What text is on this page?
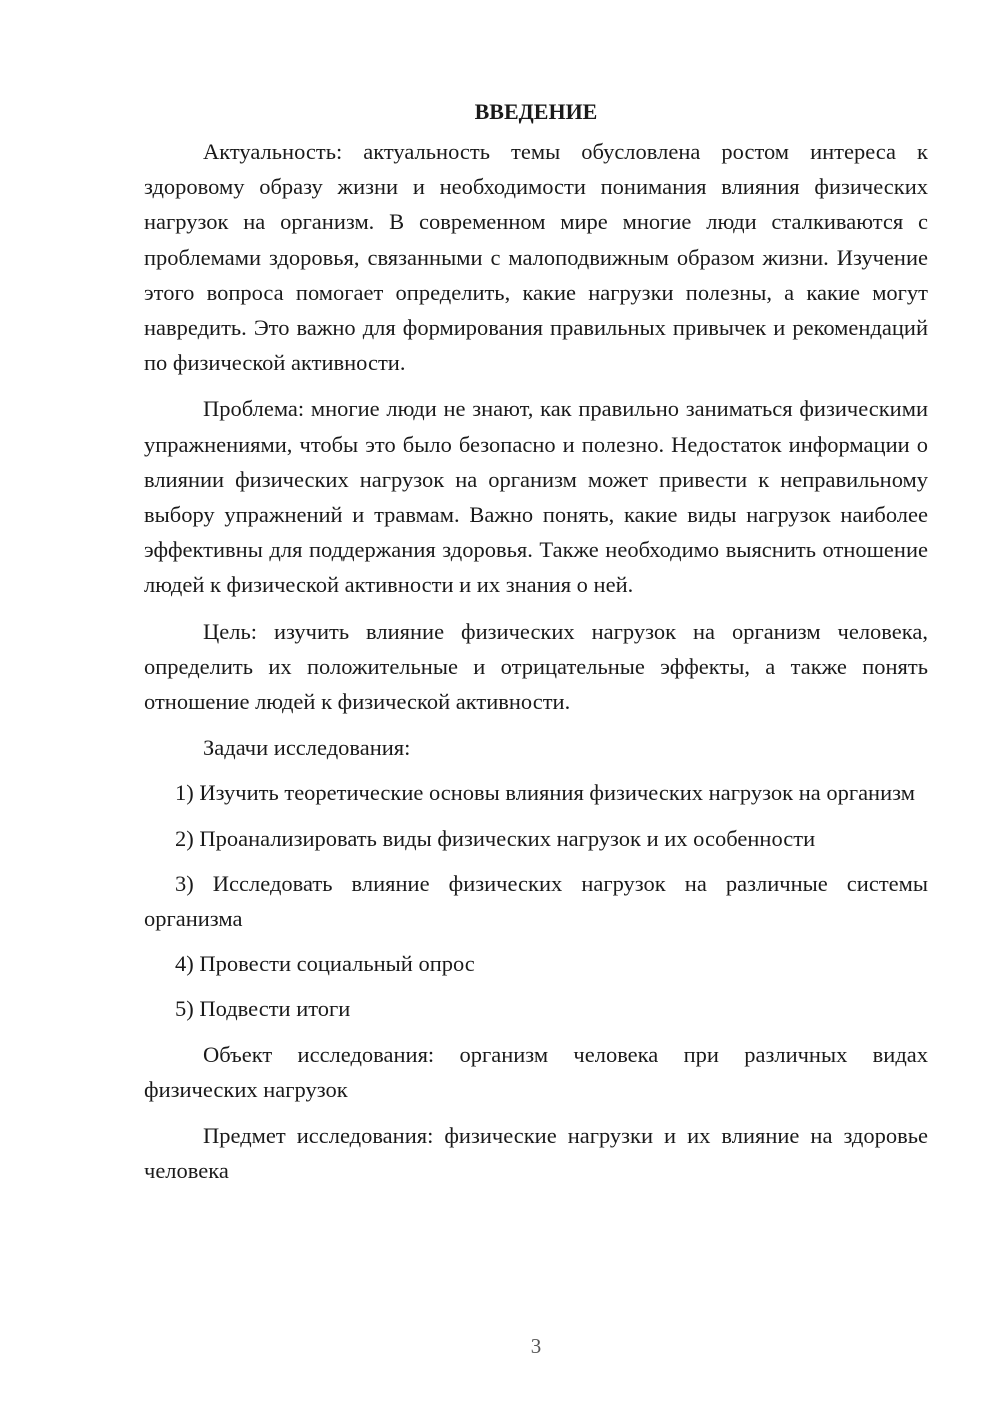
ВВЕДЕНИЕ

Актуальность: актуальность темы обусловлена ростом интереса к здоровому образу жизни и необходимости понимания влияния физических нагрузок на организм. В современном мире многие люди сталкиваются с проблемами здоровья, связанными с малоподвижным образом жизни. Изучение этого вопроса помогает определить, какие нагрузки полезны, а какие могут навредить. Это важно для формирования правильных привычек и рекомендаций по физической активности.

Проблема: многие люди не знают, как правильно заниматься физическими упражнениями, чтобы это было безопасно и полезно. Недостаток информации о влиянии физических нагрузок на организм может привести к неправильному выбору упражнений и травмам. Важно понять, какие виды нагрузок наиболее эффективны для поддержания здоровья. Также необходимо выяснить отношение людей к физической активности и их знания о ней.

Цель: изучить влияние физических нагрузок на организм человека, определить их положительные и отрицательные эффекты, а также понять отношение людей к физической активности.

Задачи исследования:

1) Изучить теоретические основы влияния физических нагрузок на организм

2) Проанализировать виды физических нагрузок и их особенности

3) Исследовать влияние физических нагрузок на различные системы организма

4) Провести социальный опрос

5) Подвести итоги

Объект исследования: организм человека при различных видах физических нагрузок

Предмет исследования: физические нагрузки и их влияние на здоровье человека

3
